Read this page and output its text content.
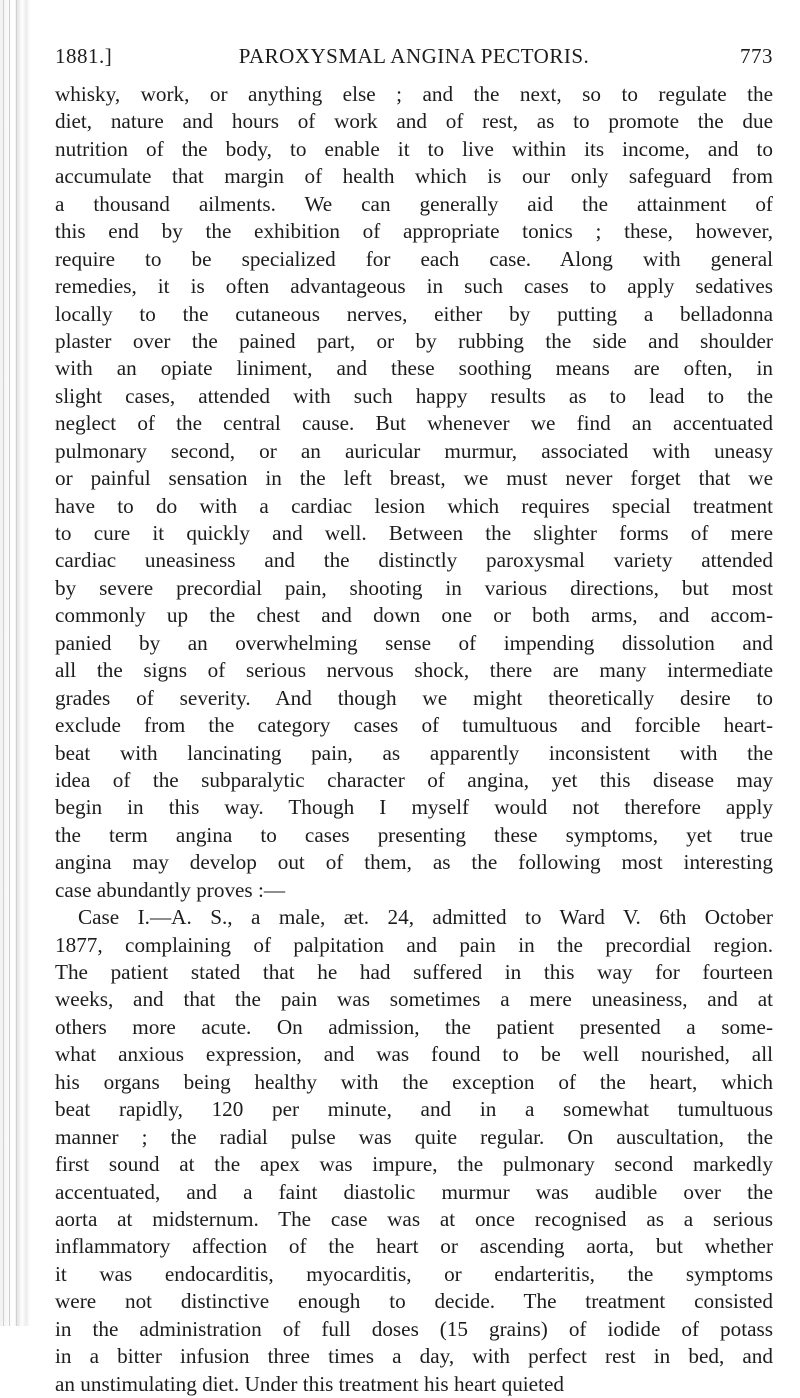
1881.]	PAROXYSMAL ANGINA PECTORIS.	773
whisky, work, or anything else ; and the next, so to regulate the
diet, nature and hours of work and of rest, as to promote the due
nutrition of the body, to enable it to live within its income, and to
accumulate that margin of health which is our only safeguard from
a thousand ailments. We can generally aid the attainment of
this end by the exhibition of appropriate tonics ; these, however,
require to be specialized for each case. Along with general
remedies, it is often advantageous in such cases to apply sedatives
locally to the cutaneous nerves, either by putting a belladonna
plaster over the pained part, or by rubbing the side and shoulder
with an opiate liniment, and these soothing means are often, in
slight cases, attended with such happy results as to lead to the
neglect of the central cause. But whenever we find an accentuated
pulmonary second, or an auricular murmur, associated with uneasy
or painful sensation in the left breast, we must never forget that we
have to do with a cardiac lesion which requires special treatment
to cure it quickly and well. Between the slighter forms of mere
cardiac uneasiness and the distinctly paroxysmal variety attended
by severe precordial pain, shooting in various directions, but most
commonly up the chest and down one or both arms, and accom-
panied by an overwhelming sense of impending dissolution and
all the signs of serious nervous shock, there are many intermediate
grades of severity. And though we might theoretically desire to
exclude from the category cases of tumultuous and forcible heart-
beat with lancinating pain, as apparently inconsistent with the
idea of the subparalytic character of angina, yet this disease may
begin in this way. Though I myself would not therefore apply
the term angina to cases presenting these symptoms, yet true
angina may develop out of them, as the following most interesting
case abundantly proves :—
Case I.—A. S., a male, æt. 24, admitted to Ward V. 6th October
1877, complaining of palpitation and pain in the precordial region.
The patient stated that he had suffered in this way for fourteen
weeks, and that the pain was sometimes a mere uneasiness, and at
others more acute. On admission, the patient presented a some-
what anxious expression, and was found to be well nourished, all
his organs being healthy with the exception of the heart, which
beat rapidly, 120 per minute, and in a somewhat tumultuous
manner ; the radial pulse was quite regular. On auscultation, the
first sound at the apex was impure, the pulmonary second markedly
accentuated, and a faint diastolic murmur was audible over the
aorta at midsternum. The case was at once recognised as a serious
inflammatory affection of the heart or ascending aorta, but whether
it was endocarditis, myocarditis, or endarteritis, the symptoms
were not distinctive enough to decide. The treatment consisted
in the administration of full doses (15 grains) of iodide of potass
in a bitter infusion three times a day, with perfect rest in bed, and
an unstimulating diet. Under this treatment his heart quieted
